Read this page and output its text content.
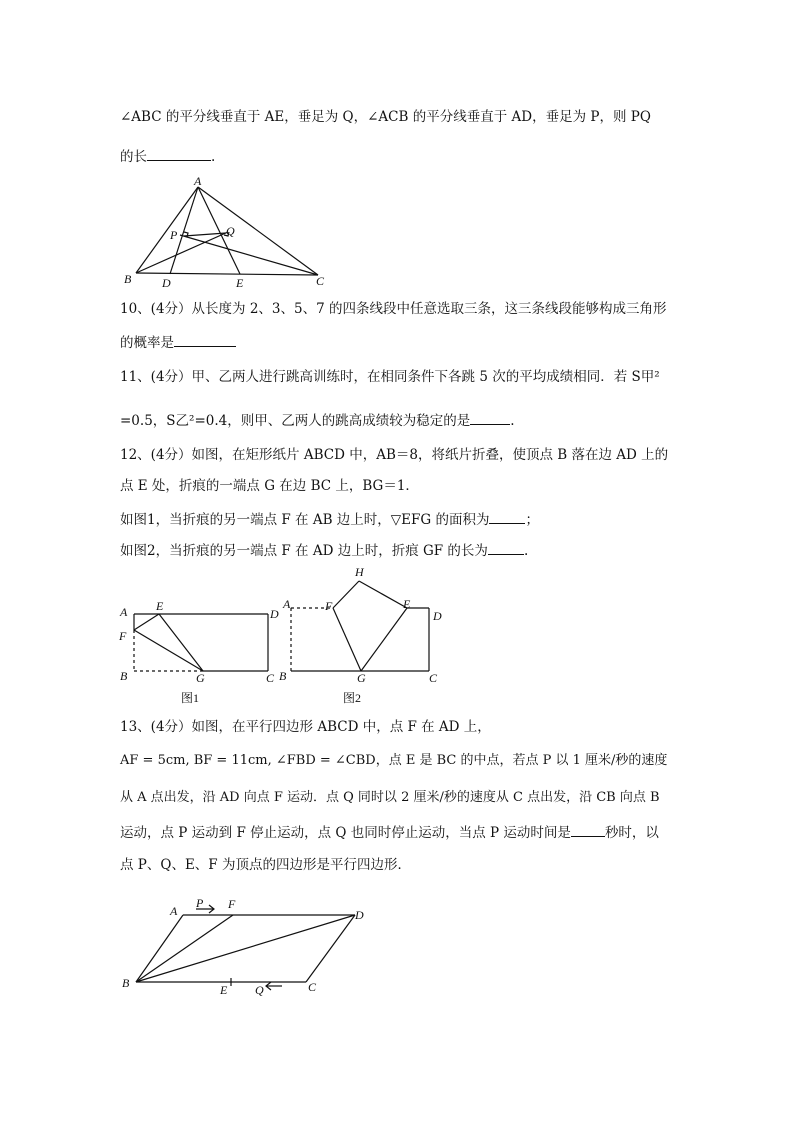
∠ABC 的平分线垂直于 AE，垂足为 Q，∠ACB 的平分线垂直于 AD，垂足为 P，则 PQ
的长	.
A
B	C
D	E
P	Q
10、(4分）从长度为 2、3、5、7 的四条线段中任意选取三条，这三条线段能够构成三角形
的概率是
11、(4分）甲、乙两人进行跳高训练时，在相同条件下各跳 5 次的平均成绩相同．若 S甲²
=0.5，S乙²=0.4，则甲、乙两人的跳高成绩较为稳定的是	.
12、(4分）如图，在矩形纸片 ABCD 中，AB＝8，将纸片折叠，使顶点 B 落在边 AD 上的
点 E 处，折痕的一端点 G 在边 BC 上，BG＝1．
如图1，当折痕的另一端点 F 在 AB 边上时，▽EFG 的面积为	；
如图2，当折痕的另一端点 F 在 AD 边上时，折痕 GF 的长为	.
A E
D
F
B	G	C
图1
A	F
H
E
D
B	G	C
图2
13、(4分）如图，在平行四边形 ABCD 中，点 F 在 AD 上，
AF = 5cm, BF = 11cm, ∠FBD = ∠CBD，点 E 是 BC 的中点，若点 P 以 1 厘米/秒的速度
从 A 点出发，沿 AD 向点 F 运动．点 Q 同时以 2 厘米/秒的速度从 C 点出发，沿 CB 向点 B
运动，点 P 运动到 F 停止运动，点 Q 也同时停止运动，当点 P 运动时间是	秒时，以
点 P、Q、E、F 为顶点的四边形是平行四边形．
A
P F
D
B	E Q	C
